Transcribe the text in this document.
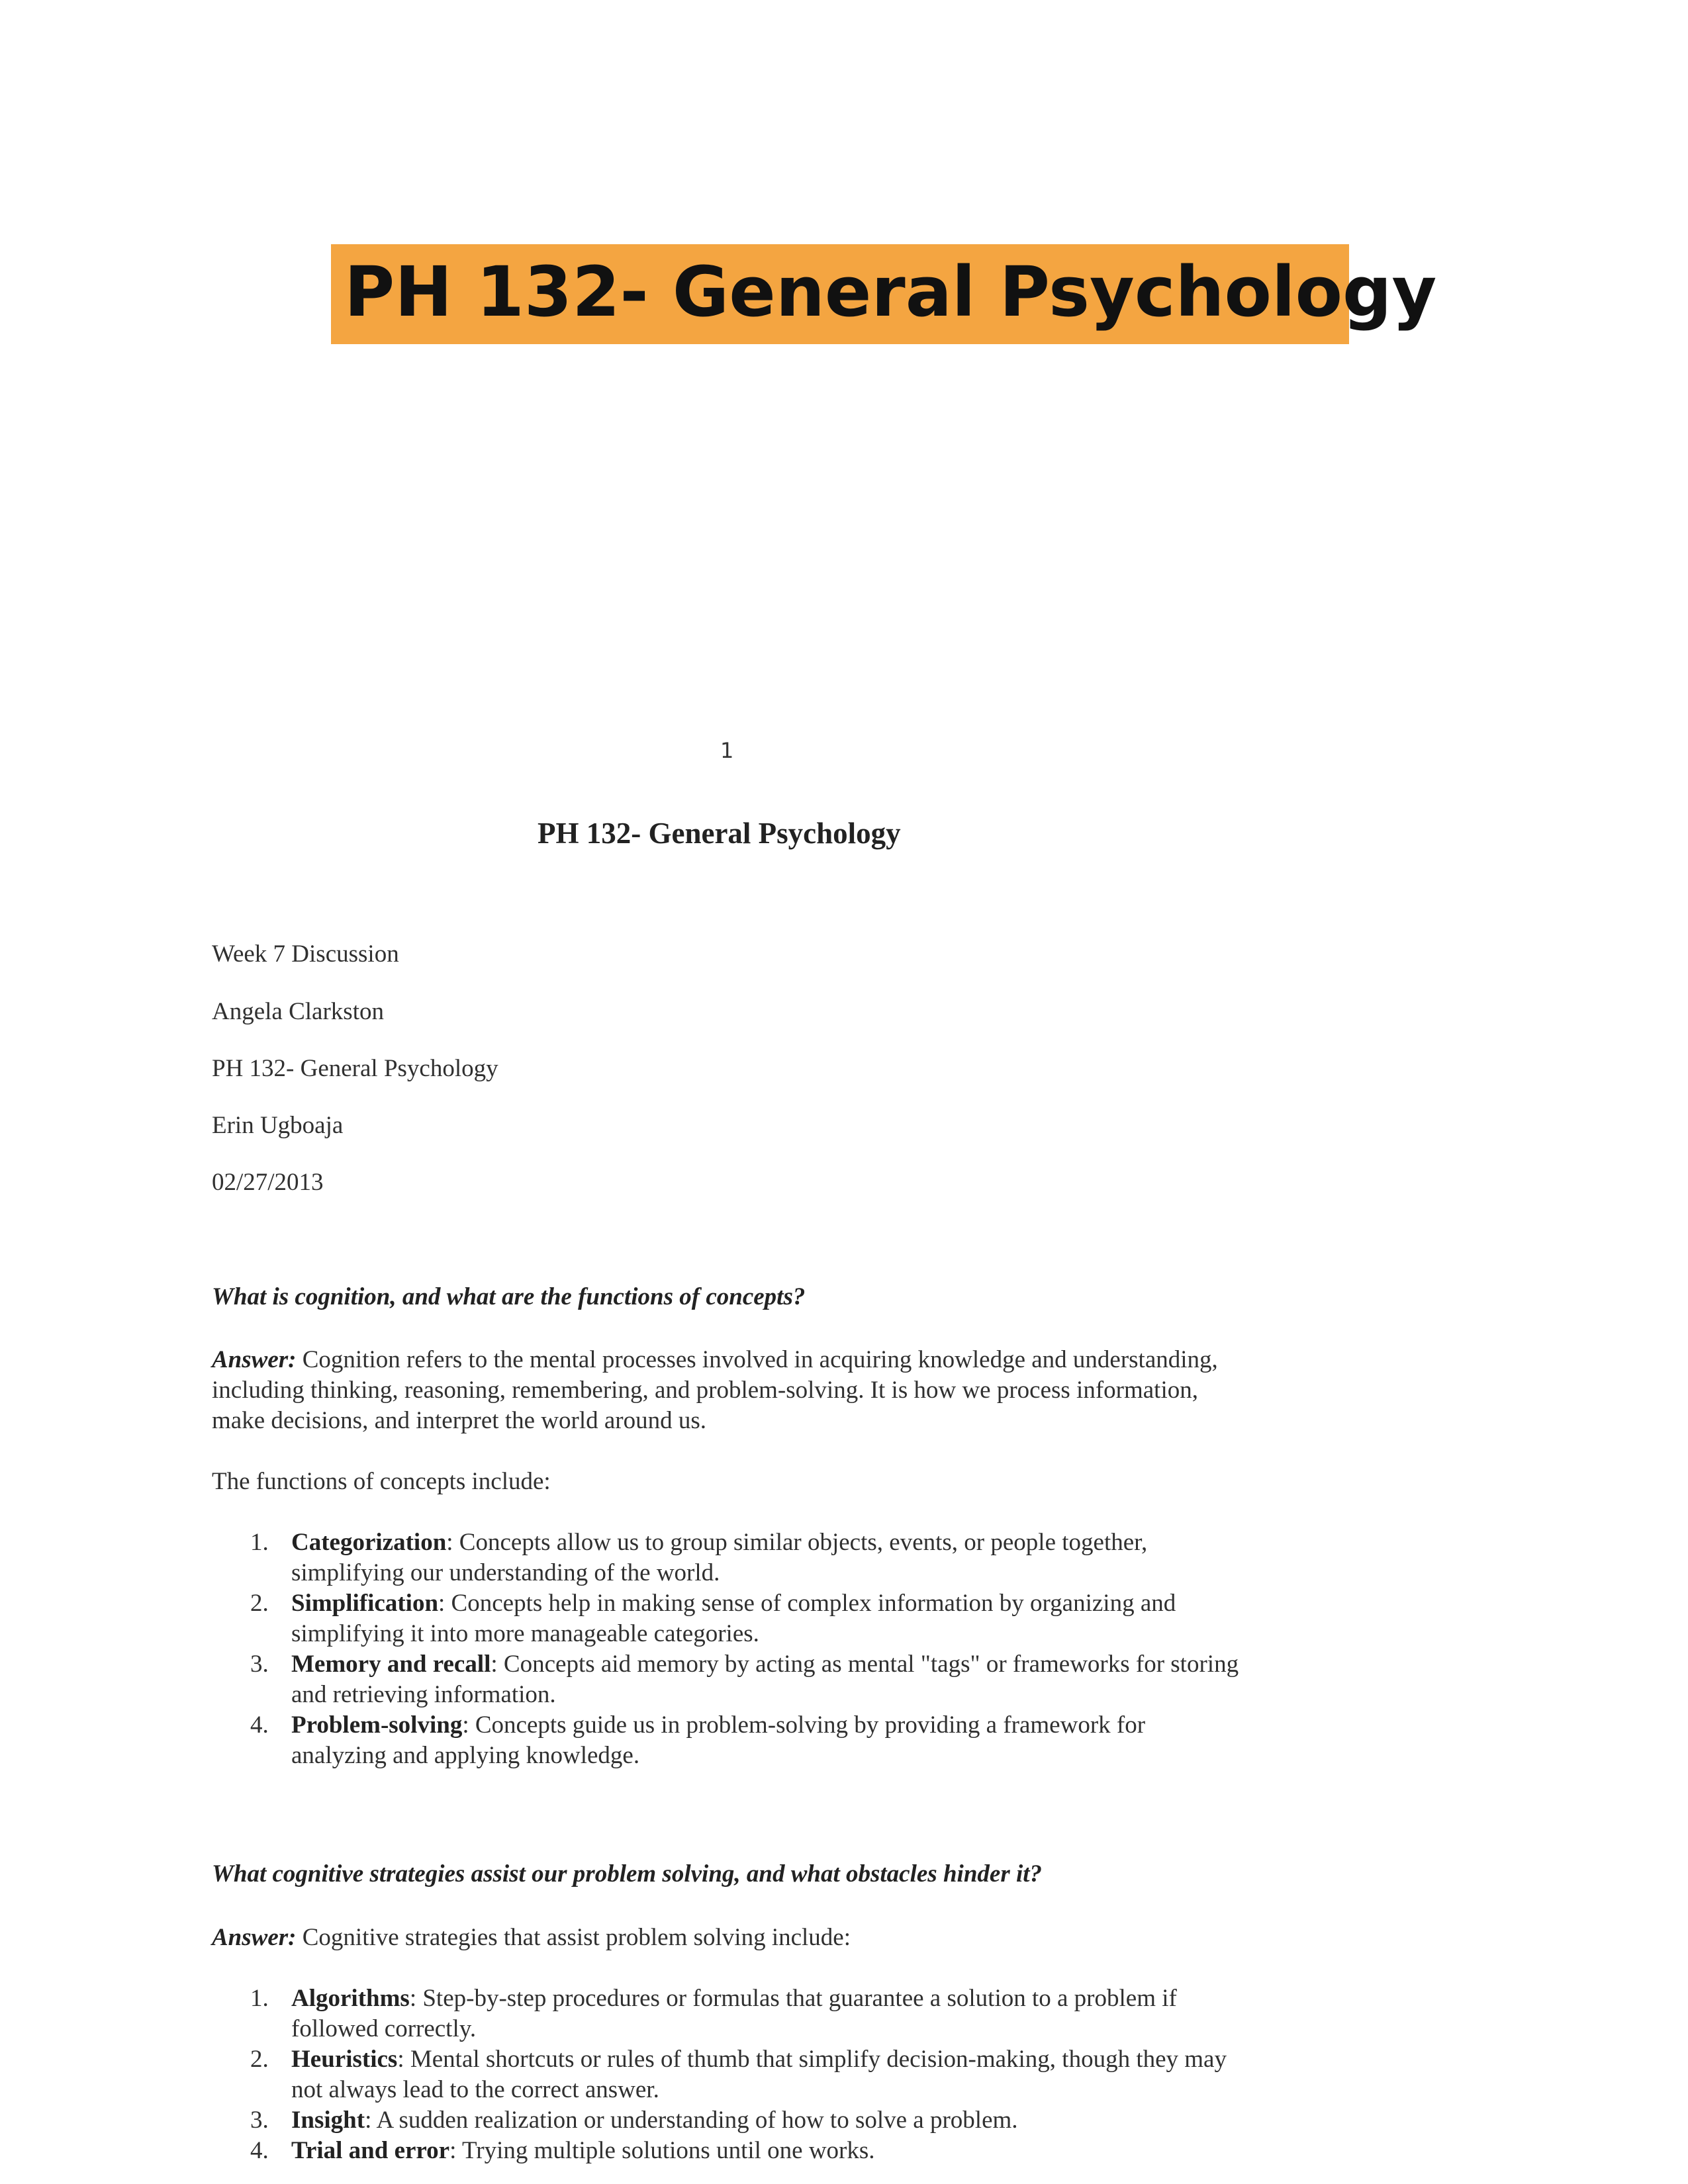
PH 132- General Psychology
1
PH 132- General Psychology
Week 7 Discussion
Angela Clarkston
PH 132- General Psychology
Erin Ugboaja
02/27/2013
What is cognition, and what are the functions of concepts?
Answer: Cognition refers to the mental processes involved in acquiring knowledge and understanding, including thinking, reasoning, remembering, and problem-solving. It is how we process information, make decisions, and interpret the world around us.
The functions of concepts include:
1. Categorization: Concepts allow us to group similar objects, events, or people together, simplifying our understanding of the world.
2. Simplification: Concepts help in making sense of complex information by organizing and simplifying it into more manageable categories.
3. Memory and recall: Concepts aid memory by acting as mental "tags" or frameworks for storing and retrieving information.
4. Problem-solving: Concepts guide us in problem-solving by providing a framework for analyzing and applying knowledge.
What cognitive strategies assist our problem solving, and what obstacles hinder it?
Answer: Cognitive strategies that assist problem solving include:
1. Algorithms: Step-by-step procedures or formulas that guarantee a solution to a problem if followed correctly.
2. Heuristics: Mental shortcuts or rules of thumb that simplify decision-making, though they may not always lead to the correct answer.
3. Insight: A sudden realization or understanding of how to solve a problem.
4. Trial and error: Trying multiple solutions until one works.
